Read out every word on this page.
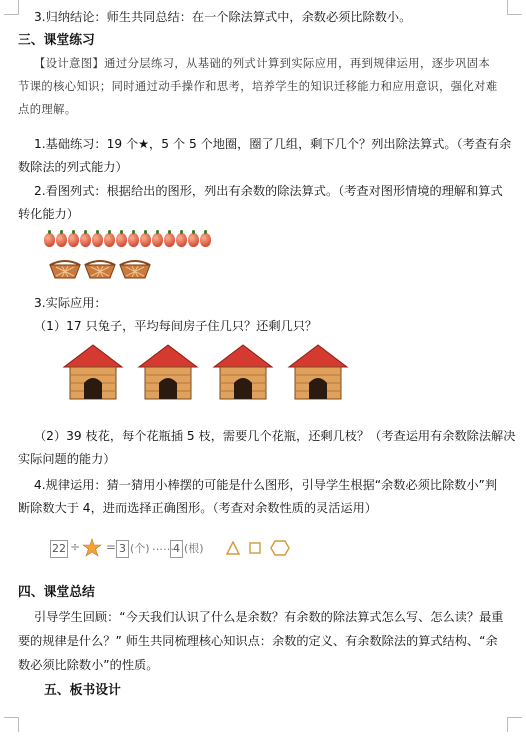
3.归纳结论：师生共同总结：在一个除法算式中，余数必须比除数小。
三、课堂练习
【设计意图】通过分层练习，从基础的列式计算到实际应用，再到规律运用，逐步巩固本
节课的核心知识；同时通过动手操作和思考，培养学生的知识迁移能力和应用意识，强化对难
点的理解。
1.基础练习：19 个★，5 个 5 个地圈，圈了几组，剩下几个？列出除法算式。（考查有余
数除法的列式能力）
2.看图列式：根据给出的图形，列出有余数的除法算式。（考查对图形情境的理解和算式
转化能力）
3.实际应用：
（1）17 只兔子，平均每间房子住几只？还剩几只？
（2）39 枝花，每个花瓶插 5 枝，需要几个花瓶，还剩几枝？（考查运用有余数除法解决
实际问题的能力）
4.规律运用：猜一猜用小棒摆的可能是什么图形，引导学生根据“余数必须比除数小”判
断除数大于 4，进而选择正确图形。（考查对余数性质的灵活运用）
22 ÷ = 3 (个) …… 4 (根)
四、课堂总结
引导学生回顾：“今天我们认识了什么是余数？有余数的除法算式怎么写、怎么读？最重
要的规律是什么？” 师生共同梳理核心知识点：余数的定义、有余数除法的算式结构、“余
数必须比除数小”的性质。
五、板书设计
